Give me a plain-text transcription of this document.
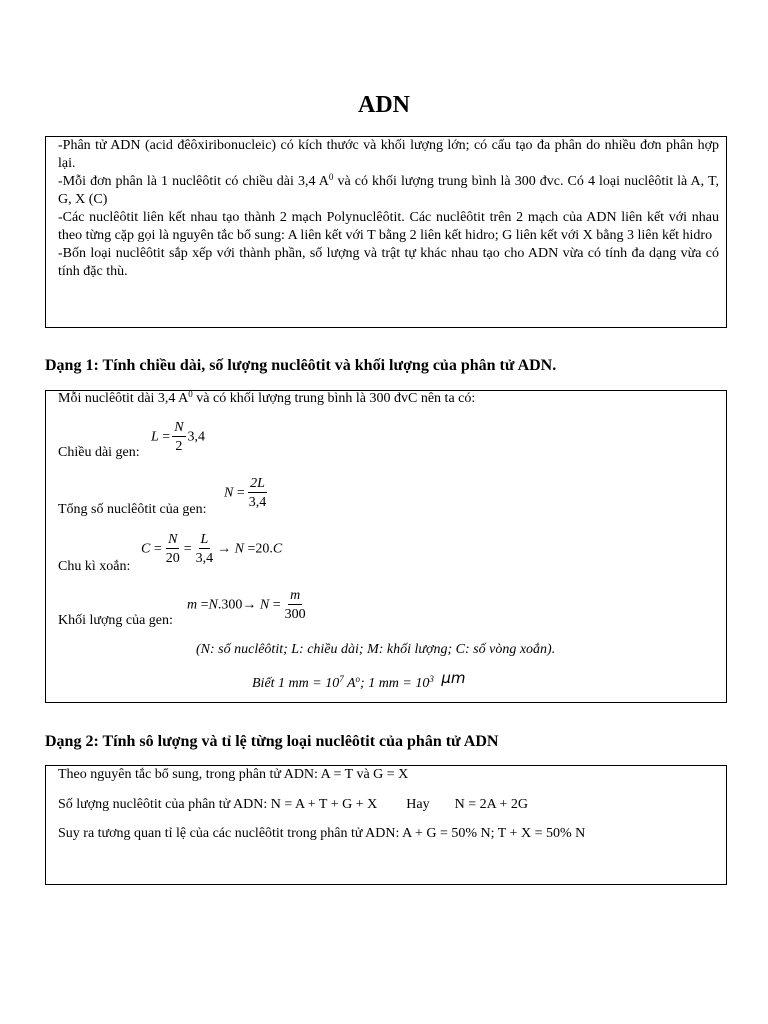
ADN

-Phân tử ADN (acid đêôxiribonucleic) có kích thước và khối lượng lớn; có cấu tạo đa phân do nhiều đơn phân hợp lại.

-Mỗi đơn phân là 1 nuclêôtit có chiều dài 3,4 $A^0$ và có khối lượng trung bình là 300 đvc. Có 4 loại nuclêôtit là A, T, G, X (C)

-Các nuclêôtit liên kết nhau tạo thành 2 mạch Polynuclêôtit. Các nuclêôtit trên 2 mạch của ADN liên kết với nhau theo từng cặp gọi là nguyên tắc bổ sung: A liên kết với T bằng 2 liên kết hidro; G liên kết với X bằng 3 liên kết hidro

-Bốn loại nuclêôtit sắp xếp với thành phần, số lượng và trật tự khác nhau tạo cho ADN vừa có tính đa dạng vừa có tính đặc thù.

Dạng 1: Tính chiều dài, số lượng nuclêôtit và khối lượng của phân tử ADN.
Mỗi nuclêôtit dài 3,4 $A^0$ và có khối lượng trung bình là 300 đvC nên ta có:
Chiều dài gen:
$L = \frac{N}{2} 3,4$
Tổng số nuclêôtit của gen:
$N = \frac{2L}{3,4}$
Chu kì xoắn:
$C = \frac{N}{20} = \frac{L}{3,4} \to N =20.C$
Khối lượng của gen:
$m =N.300\to N = \frac{m}{300}$
(N: số nuclêôtit; L: chiều dài; M: khối lượng; C: số vòng xoắn).
Biết 1 mm = $10^7$ $A^o$; 1 mm = $10^3$ μm
Dạng 2: Tính sô lượng và tỉ lệ từng loại nuclêôtit của phân tử ADN
Theo nguyên tắc bổ sung, trong phân tử ADN: A = T và G = X
Số lượng nuclêôtit của phân tử ADN: N = A + T + G + X Hay N = 2A + 2G
Suy ra tương quan tỉ lệ của các nuclêôtit trong phân tử ADN: A + G = 50% N; T + X = 50% N
